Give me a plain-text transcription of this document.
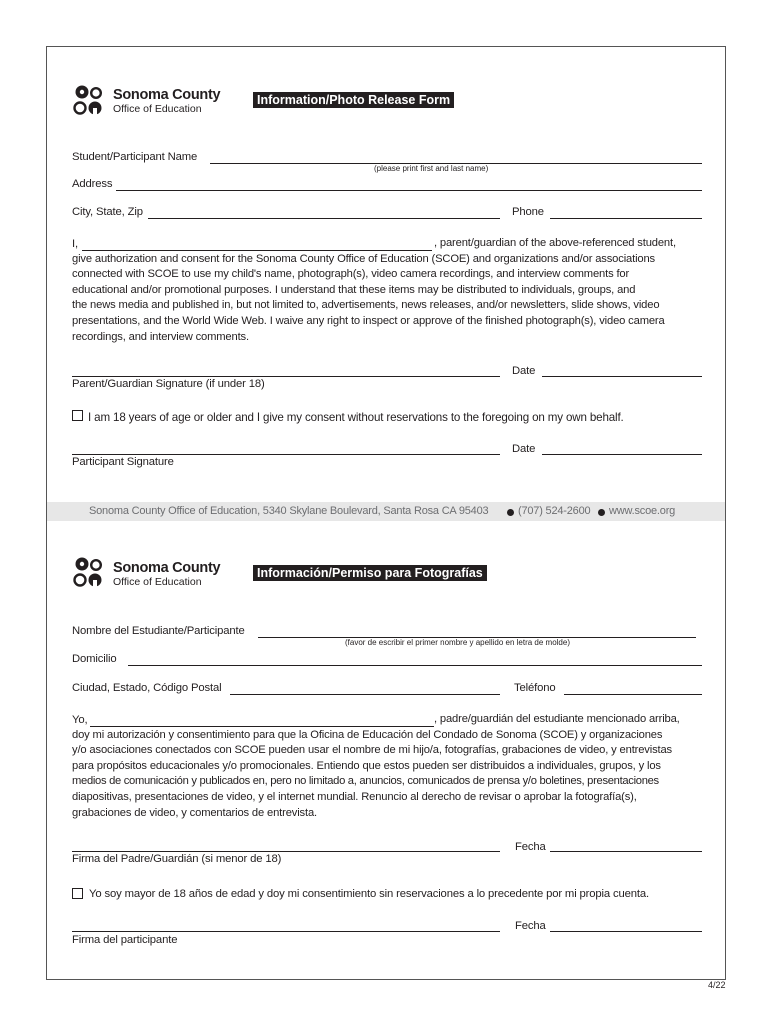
Sonoma County
Office of Education
Information/Photo Release Form
Student/Participant Name
(please print first and last name)
Address
City, State, Zip	Phone
I,	, parent/guardian of the above-referenced student,
give authorization and consent for the Sonoma County Office of Education (SCOE) and organizations and/or associations
connected with SCOE to use my child's name, photograph(s), video camera recordings, and interview comments for
educational and/or promotional purposes. I understand that these items may be distributed to individuals, groups, and
the news media and published in, but not limited to, advertisements, news releases, and/or newsletters, slide shows, video
presentations, and the World Wide Web. I waive any right to inspect or approve of the finished photograph(s), video camera
recordings, and interview comments.
Date
Parent/Guardian Signature (if under 18)
I am 18 years of age or older and I give my consent without reservations to the foregoing on my own behalf.
Date
Participant Signature
Sonoma County Office of Education, 5340 Skylane Boulevard, Santa Rosa CA 95403	(707) 524-2600 www.scoe.org
Sonoma County
Office of Education
Información/Permiso para Fotografías
Nombre del Estudiante/Participante
(favor de escribir el primer nombre y apellido en letra de molde)
Domicilio
Ciudad, Estado, Código Postal	Teléfono
Yo,	, padre/guardián del estudiante mencionado arriba,
doy mi autorización y consentimiento para que la Oficina de Educación del Condado de Sonoma (SCOE) y organizaciones
y/o asociaciones conectados con SCOE pueden usar el nombre de mi hijo/a, fotografías, grabaciones de video, y entrevistas
para propósitos educacionales y/o promocionales. Entiendo que estos pueden ser distribuidos a individuales, grupos, y los
medios de comunicación y publicados en, pero no limitado a, anuncios, comunicados de prensa y/o boletines, presentaciones
diapositivas, presentaciones de video, y el internet mundial. Renuncio al derecho de revisar o aprobar la fotografía(s),
grabaciones de video, y comentarios de entrevista.
Fecha
Firma del Padre/Guardián (si menor de 18)
Yo soy mayor de 18 años de edad y doy mi consentimiento sin reservaciones a lo precedente por mi propia cuenta.
Fecha
Firma del participante
4/22
